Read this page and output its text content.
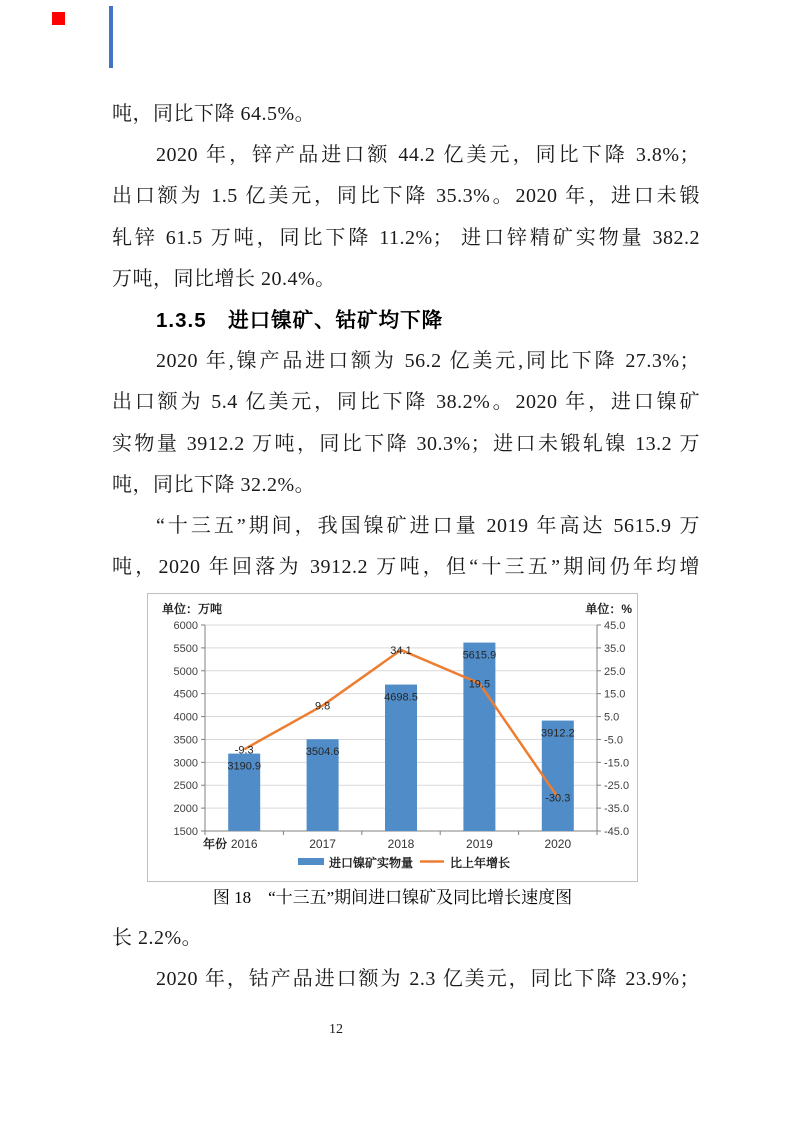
吨，同比下降 64.5%。
2020 年，锌产品进口额 44.2 亿美元，同比下降 3.8%；
出口额为 1.5 亿美元，同比下降 35.3%。2020 年，进口未锻
轧锌 61.5 万吨，同比下降 11.2%； 进口锌精矿实物量 382.2
万吨，同比增长 20.4%。
1.3.5　进口镍矿、钴矿均下降
2020 年,镍产品进口额为 56.2 亿美元,同比下降 27.3%；
出口额为 5.4 亿美元，同比下降 38.2%。2020 年，进口镍矿
实物量 3912.2 万吨，同比下降 30.3%；进口未锻轧镍 13.2 万
吨，同比下降 32.2%。
“十三五”期间，我国镍矿进口量 2019 年高达 5615.9 万
吨，2020 年回落为 3912.2 万吨，但“十三五”期间仍年均增
6000	45.0
5500	35.0
5000	25.0
4500	15.0
4000	5.0
3500	-5.0
3000	-15.0
2500	-25.0
2000	-35.0
1500	-45.0
3190.9
3504.6
4698.5
5615.9
3912.2
-9.3
9.8
34.1
19.5
-30.3
2016	2017	2018	2019	2020
年份
单位：万吨	单位：%
进口镍矿实物量	比上年增长
图 18　“十三五”期间进口镍矿及同比增长速度图
长 2.2%。
2020 年，钴产品进口额为 2.3 亿美元，同比下降 23.9%；
12
